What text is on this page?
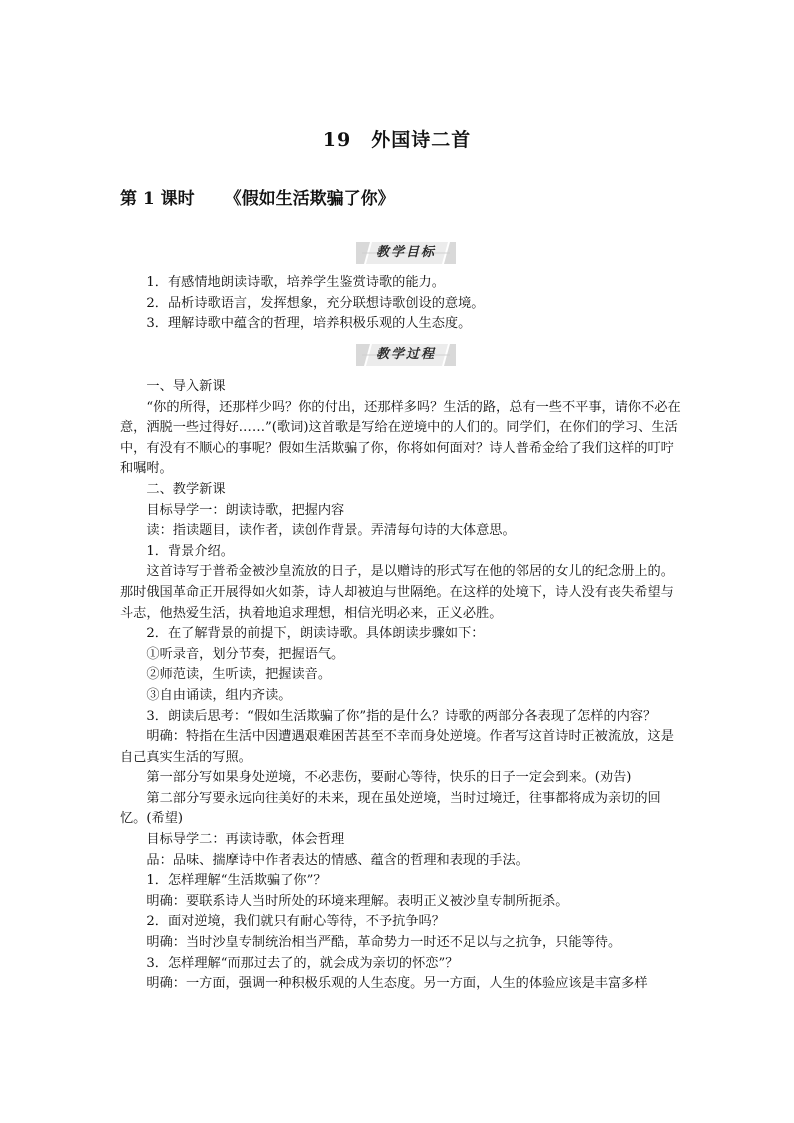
19　外国诗二首
第 1 课时 《假如生活欺骗了你》
教学目标

1．有感情地朗读诗歌，培养学生鉴赏诗歌的能力。

2．品析诗歌语言，发挥想象，充分联想诗歌创设的意境。

3．理解诗歌中蕴含的哲理，培养积极乐观的人生态度。

教学过程

一、导入新课

“你的所得，还那样少吗？你的付出，还那样多吗？生活的路，总有一些不平事，请你不必在意，洒脱一些过得好……”(歌词)这首歌是写给在逆境中的人们的。同学们，在你们的学习、生活中，有没有不顺心的事呢？假如生活欺骗了你，你将如何面对？诗人普希金给了我们这样的叮咛和嘱咐。

二、教学新课

目标导学一：朗读诗歌，把握内容

读：指读题目，读作者，读创作背景。弄清每句诗的大体意思。

1．背景介绍。

这首诗写于普希金被沙皇流放的日子，是以赠诗的形式写在他的邻居的女儿的纪念册上的。那时俄国革命正开展得如火如荼，诗人却被迫与世隔绝。在这样的处境下，诗人没有丧失希望与斗志，他热爱生活，执着地追求理想，相信光明必来，正义必胜。

2．在了解背景的前提下，朗读诗歌。具体朗读步骤如下：

①听录音，划分节奏，把握语气。

②师范读，生听读，把握读音。

③自由诵读，组内齐读。

3．朗读后思考：“假如生活欺骗了你”指的是什么？诗歌的两部分各表现了怎样的内容？

明确：特指在生活中因遭遇艰难困苦甚至不幸而身处逆境。作者写这首诗时正被流放，这是自己真实生活的写照。

第一部分写如果身处逆境，不必悲伤，要耐心等待，快乐的日子一定会到来。(劝告)

第二部分写要永远向往美好的未来，现在虽处逆境，当时过境迁，往事都将成为亲切的回忆。(希望)

目标导学二：再读诗歌，体会哲理

品：品味、揣摩诗中作者表达的情感、蕴含的哲理和表现的手法。

1．怎样理解“生活欺骗了你”？

明确：要联系诗人当时所处的环境来理解。表明正义被沙皇专制所扼杀。

2．面对逆境，我们就只有耐心等待，不予抗争吗？

明确：当时沙皇专制统治相当严酷，革命势力一时还不足以与之抗争，只能等待。

3．怎样理解“而那过去了的，就会成为亲切的怀恋”？

明确：一方面，强调一种积极乐观的人生态度。另一方面，人生的体验应该是丰富多样
